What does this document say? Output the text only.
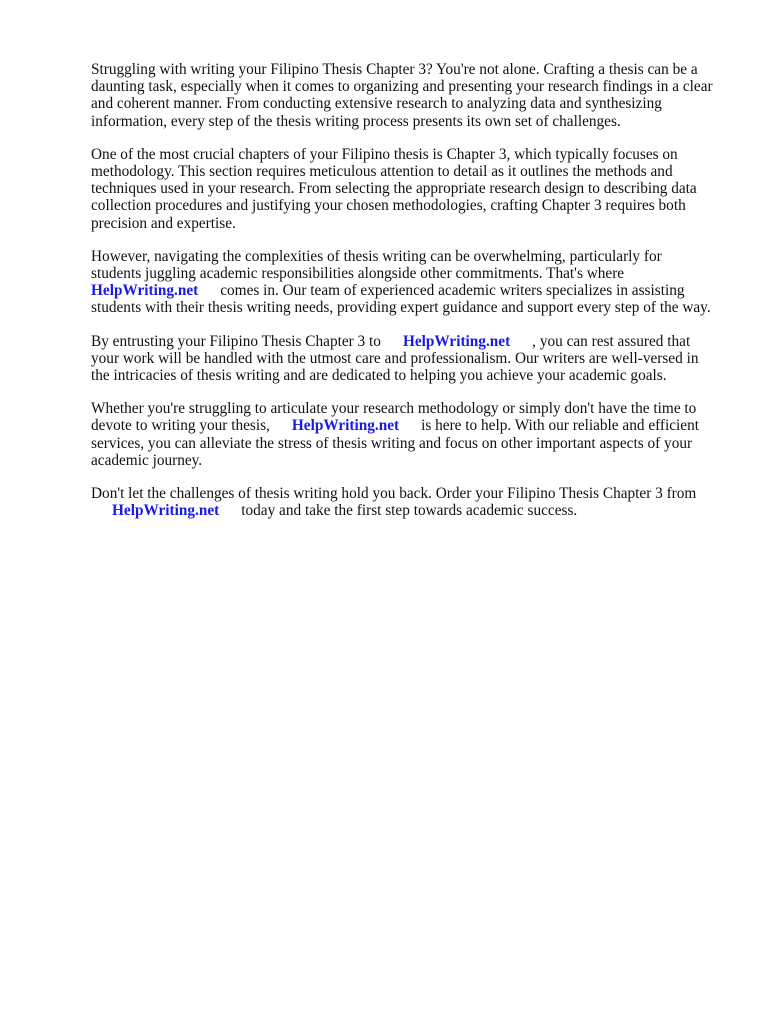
Struggling with writing your Filipino Thesis Chapter 3? You're not alone. Crafting a thesis can be a
daunting task, especially when it comes to organizing and presenting your research findings in a clear
and coherent manner. From conducting extensive research to analyzing data and synthesizing
information, every step of the thesis writing process presents its own set of challenges.

One of the most crucial chapters of your Filipino thesis is Chapter 3, which typically focuses on
methodology. This section requires meticulous attention to detail as it outlines the methods and
techniques used in your research. From selecting the appropriate research design to describing data
collection procedures and justifying your chosen methodologies, crafting Chapter 3 requires both
precision and expertise.

However, navigating the complexities of thesis writing can be overwhelming, particularly for
students juggling academic responsibilities alongside other commitments. That's where
HelpWriting.net comes in. Our team of experienced academic writers specializes in assisting
students with their thesis writing needs, providing expert guidance and support every step of the way.

By entrusting your Filipino Thesis Chapter 3 to HelpWriting.net , you can rest assured that
your work will be handled with the utmost care and professionalism. Our writers are well-versed in
the intricacies of thesis writing and are dedicated to helping you achieve your academic goals.

Whether you're struggling to articulate your research methodology or simply don't have the time to
devote to writing your thesis, HelpWriting.net is here to help. With our reliable and efficient
services, you can alleviate the stress of thesis writing and focus on other important aspects of your
academic journey.

Don't let the challenges of thesis writing hold you back. Order your Filipino Thesis Chapter 3 from
HelpWriting.net today and take the first step towards academic success.
